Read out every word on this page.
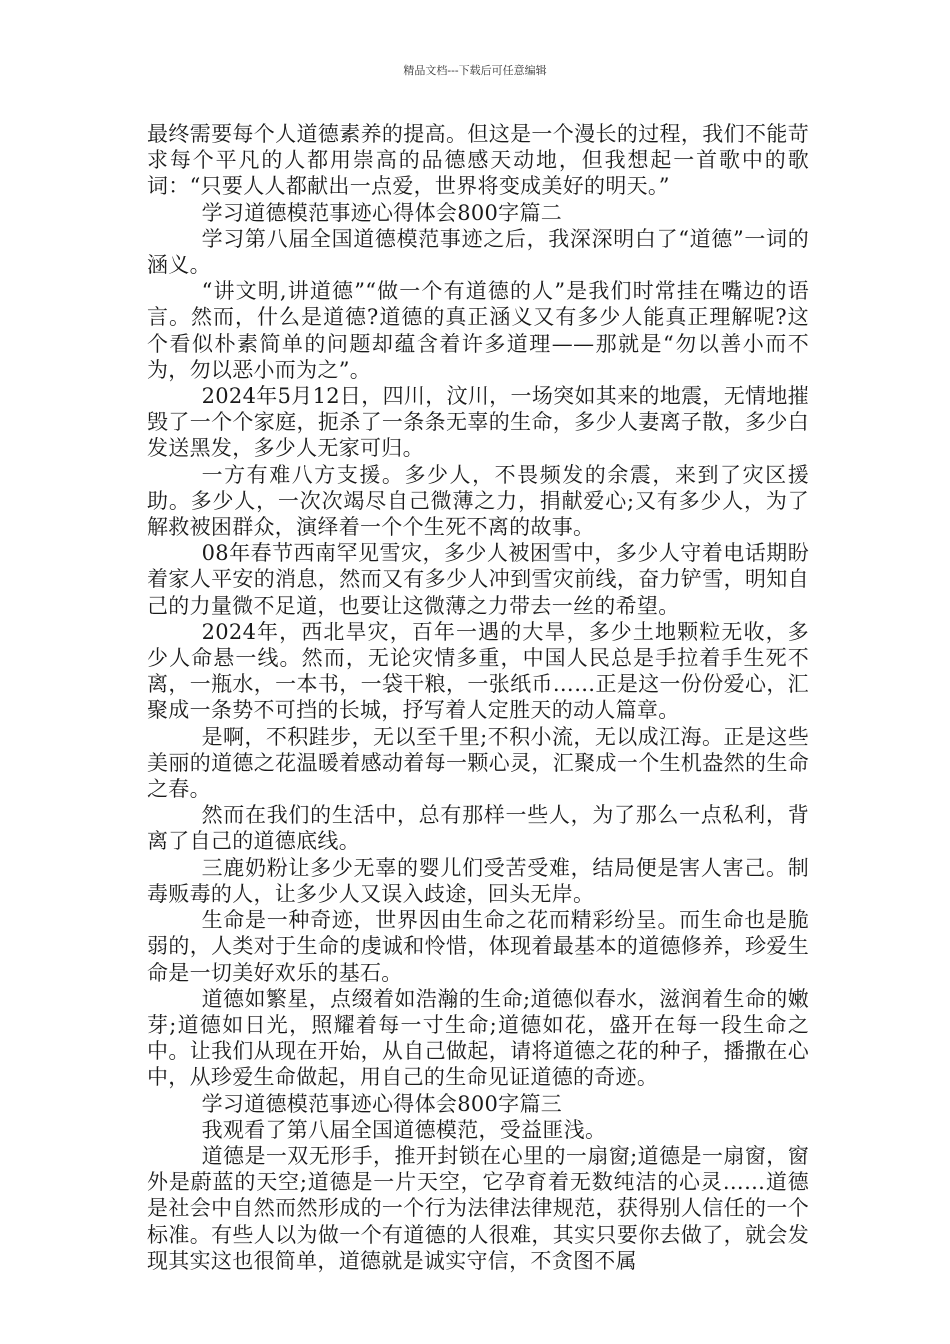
精品文档---下载后可任意编辑

最终需要每个人道德素养的提高。但这是一个漫长的过程，我们不能苛求每个平凡的人都用崇高的品德感天动地，但我想起一首歌中的歌词：“只要人人都献出一点爱，世界将变成美好的明天。”

学习道德模范事迹心得体会800字篇二

学习第八届全国道德模范事迹之后，我深深明白了“道德”一词的涵义。

“讲文明,讲道德”“做一个有道德的人”是我们时常挂在嘴边的语言。然而，什么是道德?道德的真正涵义又有多少人能真正理解呢?这个看似朴素简单的问题却蕴含着许多道理——那就是“勿以善小而不为，勿以恶小而为之”。

2024年5月12日，四川，汶川，一场突如其来的地震，无情地摧毁了一个个家庭，扼杀了一条条无辜的生命，多少人妻离子散，多少白发送黑发，多少人无家可归。

一方有难八方支援。多少人，不畏频发的余震，来到了灾区援助。多少人，一次次竭尽自己微薄之力，捐献爱心;又有多少人，为了解救被困群众，演绎着一个个生死不离的故事。

08年春节西南罕见雪灾，多少人被困雪中，多少人守着电话期盼着家人平安的消息，然而又有多少人冲到雪灾前线，奋力铲雪，明知自己的力量微不足道，也要让这微薄之力带去一丝的希望。

2024年，西北旱灾，百年一遇的大旱，多少土地颗粒无收，多少人命悬一线。然而，无论灾情多重，中国人民总是手拉着手生死不离，一瓶水，一本书，一袋干粮，一张纸币……正是这一份份爱心，汇聚成一条势不可挡的长城，抒写着人定胜天的动人篇章。

是啊，不积跬步，无以至千里;不积小流，无以成江海。正是这些美丽的道德之花温暖着感动着每一颗心灵，汇聚成一个生机盎然的生命之春。

然而在我们的生活中，总有那样一些人，为了那么一点私利，背离了自己的道德底线。

三鹿奶粉让多少无辜的婴儿们受苦受难，结局便是害人害己。制毒贩毒的人，让多少人又误入歧途，回头无岸。

生命是一种奇迹，世界因由生命之花而精彩纷呈。而生命也是脆弱的，人类对于生命的虔诚和怜惜，体现着最基本的道德修养，珍爱生命是一切美好欢乐的基石。

道德如繁星，点缀着如浩瀚的生命;道德似春水，滋润着生命的嫩芽;道德如日光，照耀着每一寸生命;道德如花，盛开在每一段生命之中。让我们从现在开始，从自己做起，请将道德之花的种子，播撒在心中，从珍爱生命做起，用自己的生命见证道德的奇迹。

学习道德模范事迹心得体会800字篇三

我观看了第八届全国道德模范，受益匪浅。

道德是一双无形手，推开封锁在心里的一扇窗;道德是一扇窗，窗外是蔚蓝的天空;道德是一片天空，它孕育着无数纯洁的心灵……道德是社会中自然而然形成的一个行为法律法律规范，获得别人信任的一个标准。有些人以为做一个有道德的人很难，其实只要你去做了，就会发现其实这也很简单，道德就是诚实守信，不贪图不属
